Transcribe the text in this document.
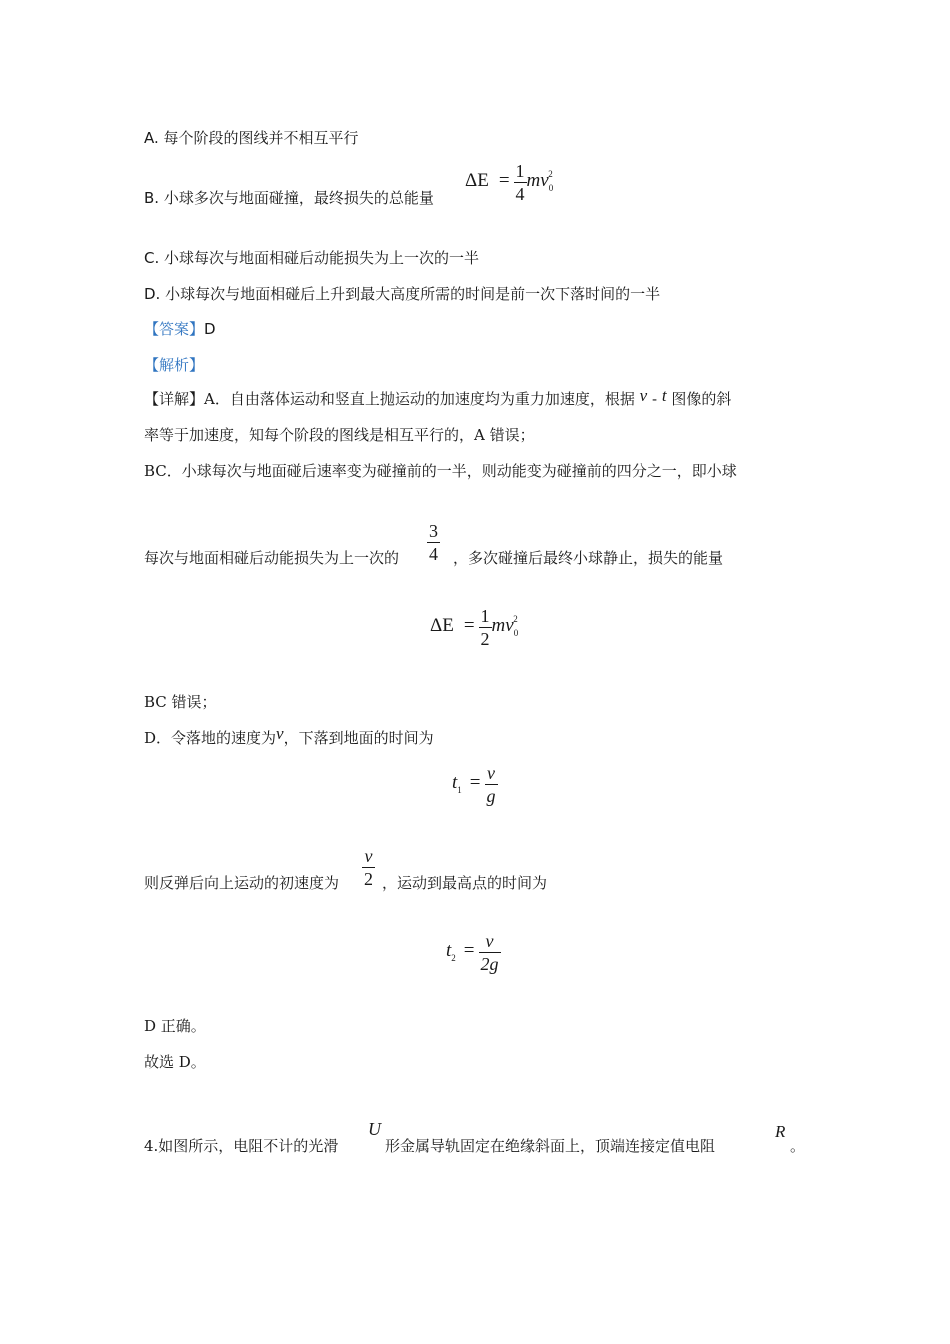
A. 每个阶段的图线并不相互平行
B. 小球多次与地面碰撞，最终损失的总能量
$\Delta E = \frac{1}{4} mv_0^2$
C. 小球每次与地面相碰后动能损失为上一次的一半
D. 小球每次与地面相碰后上升到最大高度所需的时间是前一次下落时间的一半
【答案】D
【解析】
【详解】A．自由落体运动和竖直上抛运动的加速度均为重力加速度，根据 v - t 图像的斜
率等于加速度，知每个阶段的图线是相互平行的，A 错误；
BC．小球每次与地面碰后速率变为碰撞前的一半，则动能变为碰撞前的四分之一，即小球
每次与地面相碰后动能损失为上一次的 $\frac{3}{4}$ ，多次碰撞后最终小球静止，损失的能量
$\Delta E = \frac{1}{2} mv_0^2$
BC 错误；
D．令落地的速度为v，下落到地面的时间为
$t_1 = \frac{v}{g}$
则反弹后向上运动的初速度为 $\frac{v}{2}$ ，运动到最高点的时间为
$t_2 = \frac{v}{2g}$
D 正确。
故选 D。
4.如图所示，电阻不计的光滑
U
形金属导轨固定在绝缘斜面上，顶端连接定值电阻
R
。
